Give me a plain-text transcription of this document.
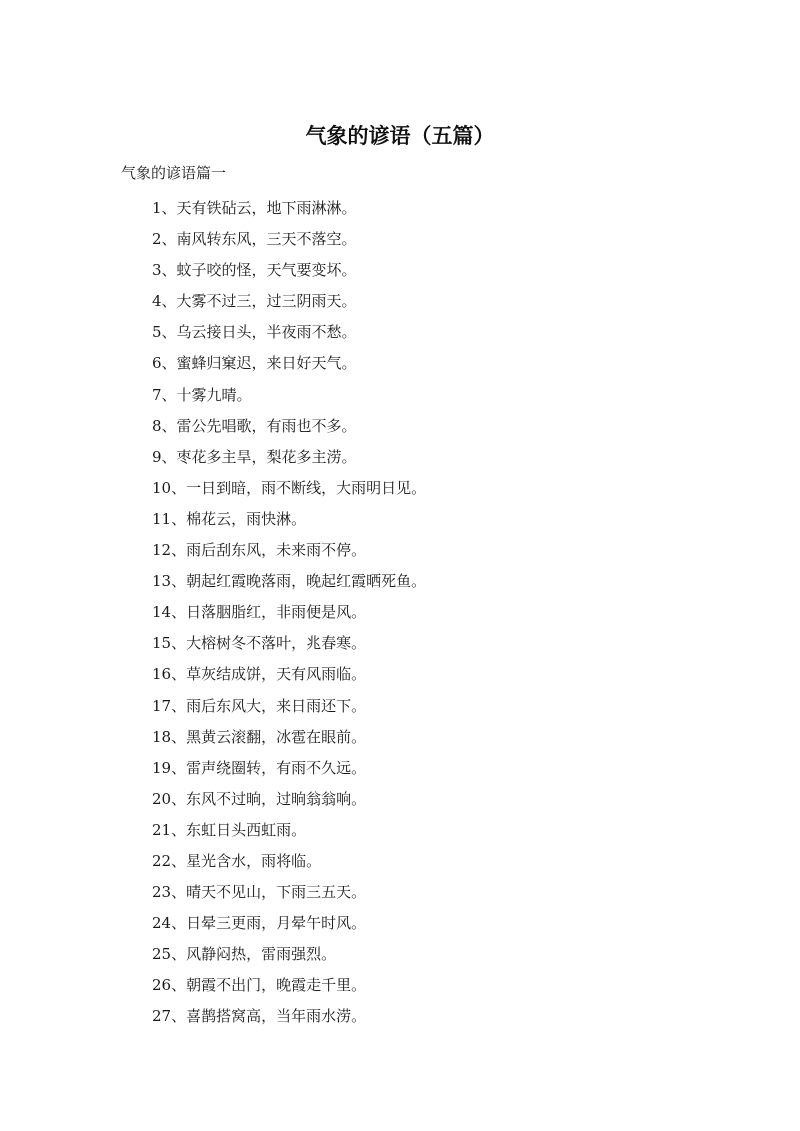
气象的谚语（五篇）
气象的谚语篇一
1、天有铁砧云，地下雨淋淋。
2、南风转东风，三天不落空。
3、蚊子咬的怪，天气要变坏。
4、大雾不过三，过三阴雨天。
5、乌云接日头，半夜雨不愁。
6、蜜蜂归窠迟，来日好天气。
7、十雾九晴。
8、雷公先唱歌，有雨也不多。
9、枣花多主旱，梨花多主涝。
10、一日到暗，雨不断线，大雨明日见。
11、棉花云，雨快淋。
12、雨后刮东风，未来雨不停。
13、朝起红霞晚落雨，晚起红霞晒死鱼。
14、日落胭脂红，非雨便是风。
15、大榕树冬不落叶，兆春寒。
16、草灰结成饼，天有风雨临。
17、雨后东风大，来日雨还下。
18、黑黄云滚翻，冰雹在眼前。
19、雷声绕圈转，有雨不久远。
20、东风不过晌，过晌翁翁响。
21、东虹日头西虹雨。
22、星光含水，雨将临。
23、晴天不见山，下雨三五天。
24、日晕三更雨，月晕午时风。
25、风静闷热，雷雨强烈。
26、朝霞不出门，晚霞走千里。
27、喜鹊搭窝高，当年雨水涝。
